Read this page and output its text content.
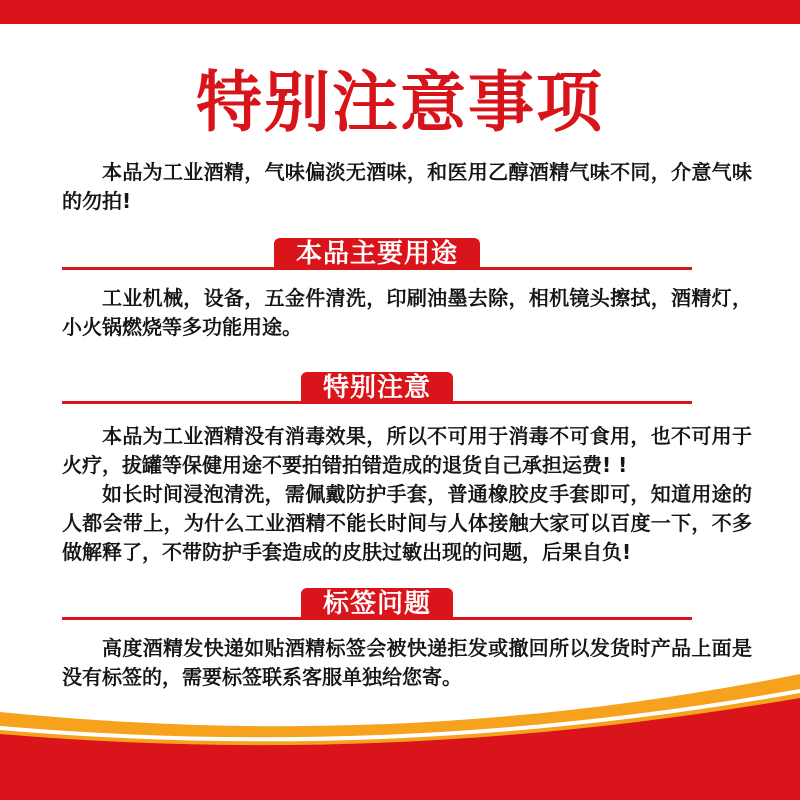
特别注意事项

本品为工业酒精，气味偏淡无酒味，和医用乙醇酒精气味不同，介意气味的勿拍!

本品主要用途

工业机械，设备，五金件清洗，印刷油墨去除，相机镜头擦拭，酒精灯，小火锅燃烧等多功能用途。

特别注意

本品为工业酒精没有消毒效果，所以不可用于消毒不可食用，也不可用于火疗，拔罐等保健用途不要拍错拍错造成的退货自己承担运费! !

如长时间浸泡清洗，需佩戴防护手套，普通橡胶皮手套即可，知道用途的人都会带上，为什么工业酒精不能长时间与人体接触大家可以百度一下，不多做解释了，不带防护手套造成的皮肤过敏出现的问题，后果自负!

标签问题

高度酒精发快递如贴酒精标签会被快递拒发或撤回所以发货时产品上面是没有标签的，需要标签联系客服单独给您寄。
